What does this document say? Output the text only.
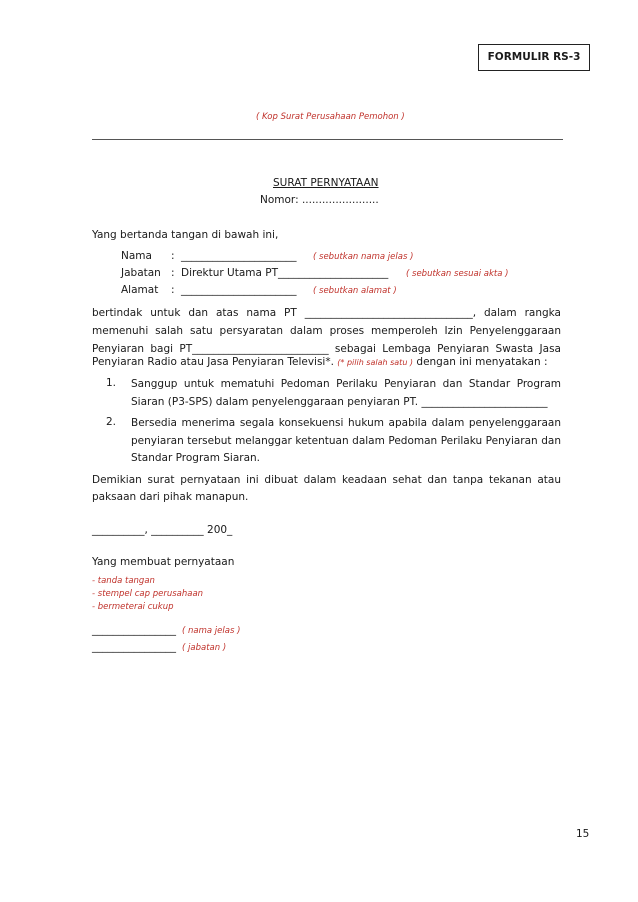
FORMULIR RS-3
( Kop Surat Perusahaan Pemohon )
SURAT PERNYATAAN
Nomor: .......................
Yang bertanda tangan di bawah ini,
Nama : ______________________ ( sebutkan nama jelas )
Jabatan : Direktur Utama PT_____________________ ( sebutkan sesuai akta )
Alamat : ______________________ ( sebutkan alamat )
bertindak untuk dan atas nama PT ________________________________, dalam rangka
memenuhi salah satu persyaratan dalam proses memperoleh Izin Penyelenggaraan
Penyiaran bagi PT__________________________ sebagai Lembaga Penyiaran Swasta Jasa
Penyiaran Radio atau Jasa Penyiaran Televisi*. (* pilih salah satu ) dengan ini menyatakan :
1. Sanggup untuk mematuhi Pedoman Perilaku Penyiaran dan Standar Program
Siaran (P3-SPS) dalam penyelenggaraan penyiaran PT. ________________________
2. Bersedia menerima segala konsekuensi hukum apabila dalam penyelenggaraan
penyiaran tersebut melanggar ketentuan dalam Pedoman Perilaku Penyiaran dan
Standar Program Siaran.
Demikian surat pernyataan ini dibuat dalam keadaan sehat dan tanpa tekanan atau
paksaan dari pihak manapun.
__________, __________ 200_
Yang membuat pernyataan
- tanda tangan
- stempel cap perusahaan
- bermeterai cukup
________________ ( nama jelas )
________________ ( jabatan )
15
